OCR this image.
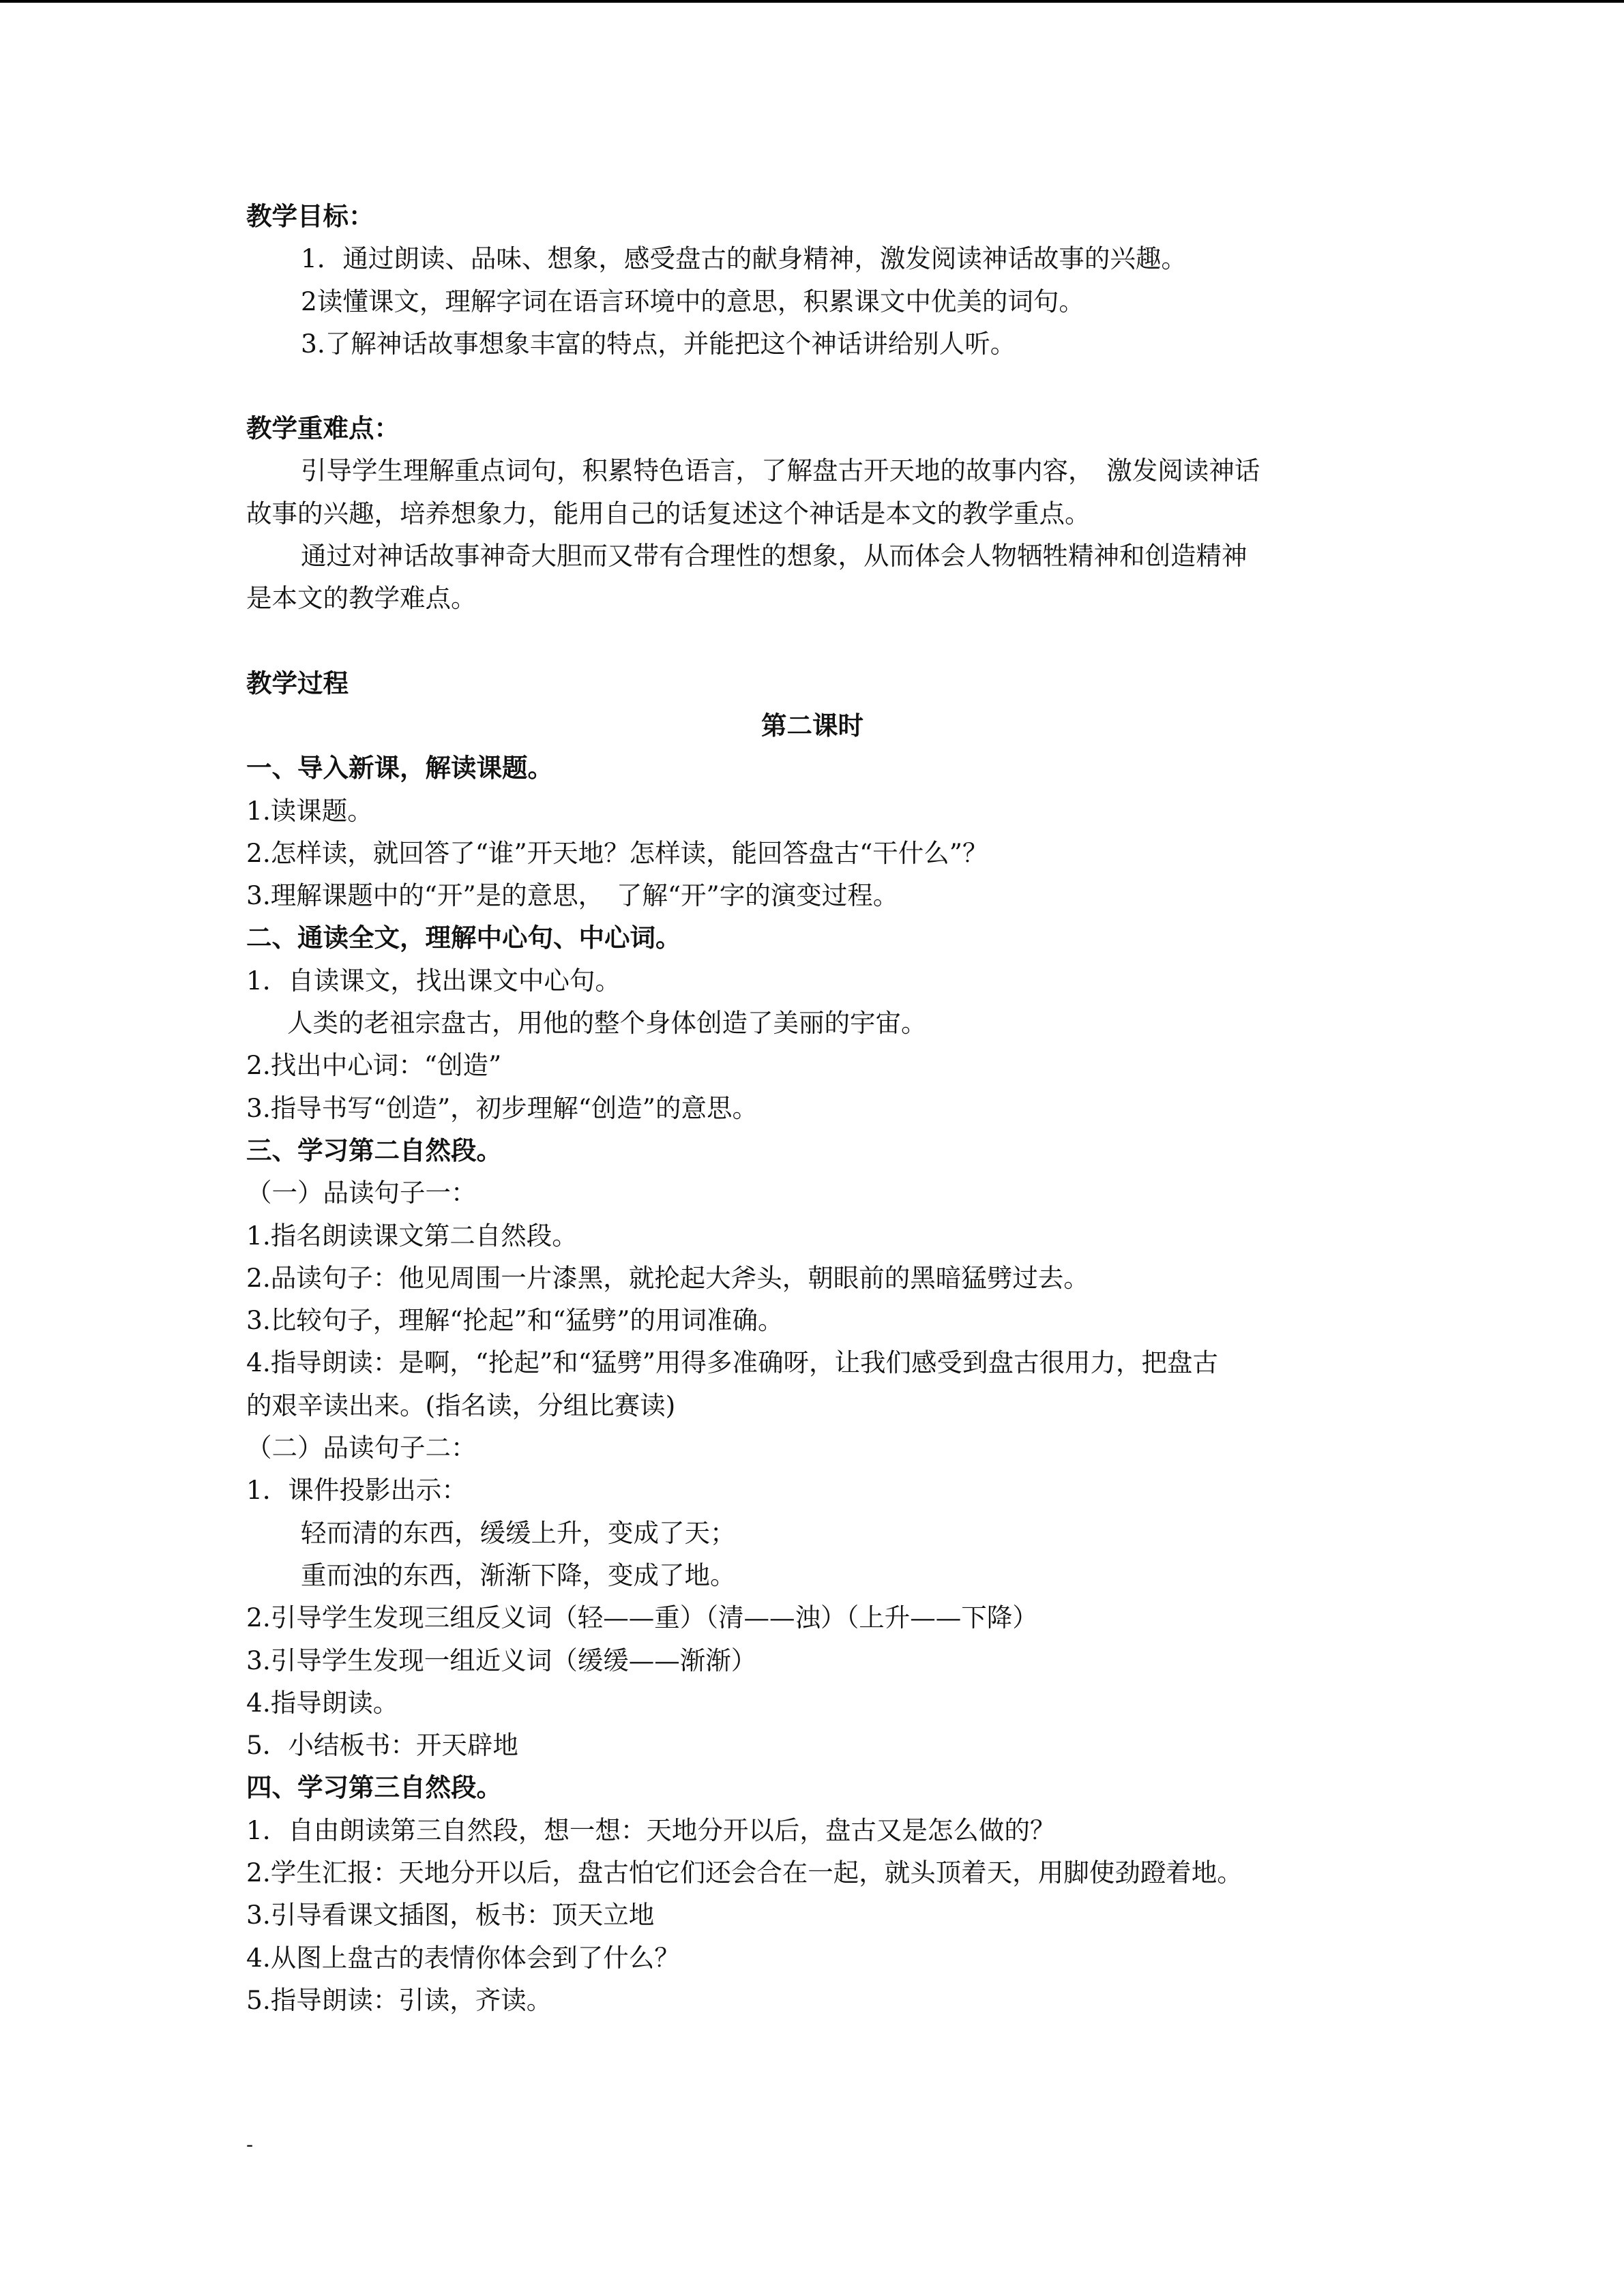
教学目标：

1．通过朗读、品味、想象，感受盘古的献身精神，激发阅读神话故事的兴趣。

2读懂课文，理解字词在语言环境中的意思，积累课文中优美的词句。

3.了解神话故事想象丰富的特点，并能把这个神话讲给别人听。

教学重难点：

引导学生理解重点词句，积累特色语言，了解盘古开天地的故事内容，　激发阅读神话

故事的兴趣，培养想象力，能用自己的话复述这个神话是本文的教学重点。

通过对神话故事神奇大胆而又带有合理性的想象，从而体会人物牺牲精神和创造精神

是本文的教学难点。

教学过程

第二课时

一、导入新课，解读课题。

1.读课题。

2.怎样读，就回答了“谁”开天地？怎样读，能回答盘古“干什么”？

3.理解课题中的“开”是的意思，　了解“开”字的演变过程。

二、通读全文，理解中心句、中心词。

1．自读课文，找出课文中心句。

人类的老祖宗盘古，用他的整个身体创造了美丽的宇宙。

2.找出中心词：“创造”

3.指导书写“创造”，初步理解“创造”的意思。

三、学习第二自然段。

（一）品读句子一：

1.指名朗读课文第二自然段。

2.品读句子：他见周围一片漆黑，就抡起大斧头，朝眼前的黑暗猛劈过去。

3.比较句子，理解“抡起”和“猛劈”的用词准确。

4.指导朗读：是啊，“抡起”和“猛劈”用得多准确呀，让我们感受到盘古很用力，把盘古

的艰辛读出来。(指名读，分组比赛读)

（二）品读句子二：

1．课件投影出示：

轻而清的东西，缓缓上升，变成了天；

重而浊的东西，渐渐下降，变成了地。

2.引导学生发现三组反义词（轻——重）（清——浊）（上升——下降）

3.引导学生发现一组近义词（缓缓——渐渐）

4.指导朗读。

5．小结板书：开天辟地

四、学习第三自然段。

1．自由朗读第三自然段，想一想：天地分开以后，盘古又是怎么做的？

2.学生汇报：天地分开以后，盘古怕它们还会合在一起，就头顶着天，用脚使劲蹬着地。

3.引导看课文插图，板书：顶天立地

4.从图上盘古的表情你体会到了什么？

5.指导朗读：引读，齐读。

-
